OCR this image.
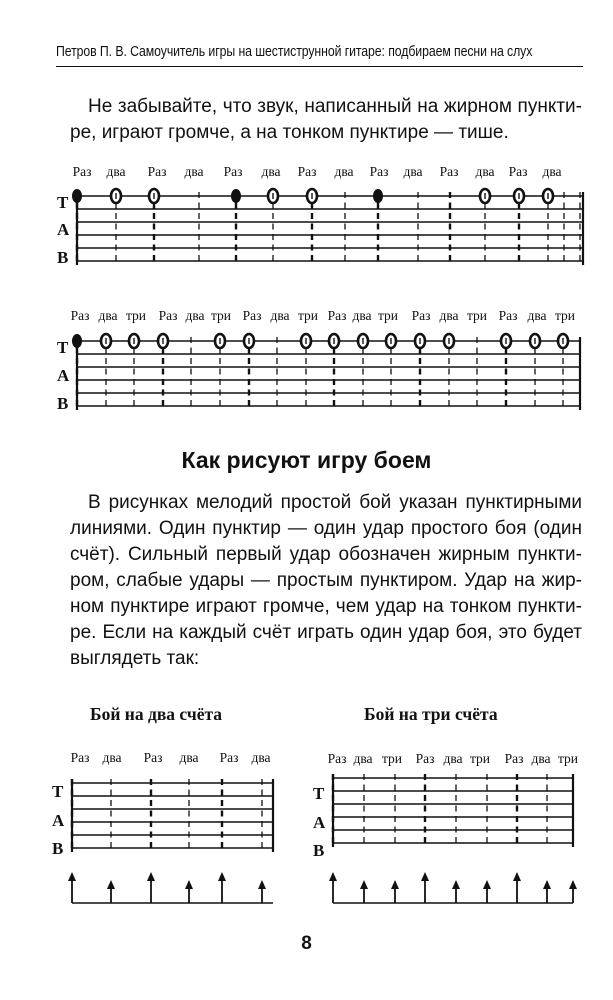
Петров П. В. Самоучитель игры на шестиструнной гитаре: подбираем песни на слух

Не забывайте, что звук, написанный на жирном пункти-
ре, играют громче, а на тонком пунктире — тише.

Как рисуют игру боем

В рисунках мелодий простой бой указан пунктирными
линиями. Один пунктир — один удар простого боя (один
счёт). Сильный первый удар обозначен жирным пункти-
ром, слабые удары — простым пунктиром. Удар на жир-
ном пунктире играют громче, чем удар на тонком пункти-
ре. Если на каждый счёт играть один удар боя, это будет
выглядеть так:

Бой на два счёта	Бой на три счёта
Раз два Раз два Раз два Раз два Раз два Раз два Раз два
Т
А
В
Раз два три Раз два три Раз два три Раз два три Раз два три Раз два три
Т
А
В
Раз два Раз два Раз два
Т
А
В
Раз два три Раз два три Раз два три
Т
А
В
8
